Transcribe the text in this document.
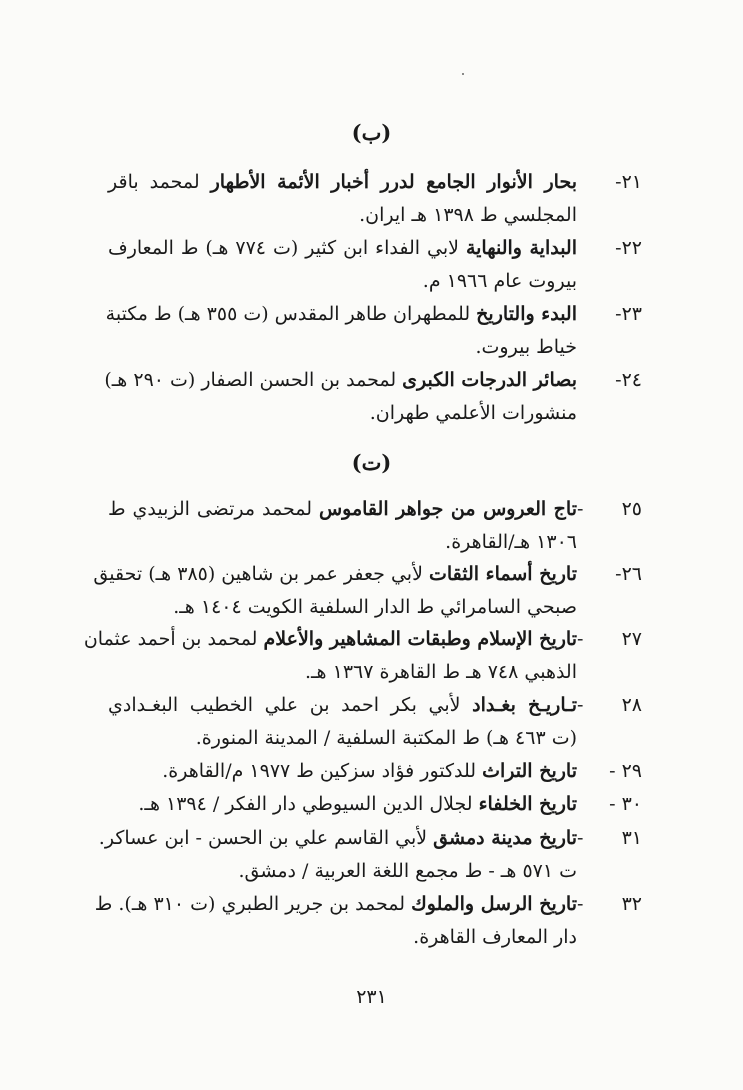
(ب)
٢١-بحار الأنوار الجامع لدرر أخبار الأئمة الأطهار لمحمد باقر
المجلسي ط ١٣٩٨ هـ ايران.
٢٢-البداية والنهاية لابي الفداء ابن كثير (ت ٧٧٤ هـ) ط المعارف
بيروت عام ١٩٦٦ م.
٢٣-البدء والتاريخ للمطهران طاهر المقدس (ت ٣٥٥ هـ) ط مكتبة
خياط بيروت.
٢٤-بصائر الدرجات الكبرى لمحمد بن الحسن الصفار (ت ٢٩٠ هـ)
منشورات الأعلمي طهران.
(ت)
٢٥ -تاج العروس من جواهر القاموس لمحمد مرتضى الزبيدي ط
١٣٠٦ هـ/القاهرة.
٢٦-تاريخ أسماء الثقات لأبي جعفر عمر بن شاهين (٣٨٥ هـ) تحقيق
صبحي السامرائي ط الدار السلفية الكويت ١٤٠٤ هـ.
٢٧ -تاريخ الإسلام وطبقات المشاهير والأعلام لمحمد بن أحمد عثمان
الذهبي ٧٤٨ هـ ط القاهرة ١٣٦٧ هـ.
٢٨ -تـاريـخ بغـداد لأبي بكر احمد بن علي الخطيب البغـدادي
(ت ٤٦٣ هـ) ط المكتبة السلفية / المدينة المنورة.
٢٩ -تاريخ التراث للدكتور فؤاد سزكين ط ١٩٧٧ م/القاهرة.
٣٠ -تاريخ الخلفاء لجلال الدين السيوطي دار الفكر / ١٣٩٤ هـ.
٣١ -تاريخ مدينة دمشق لأبي القاسم علي بن الحسن - ابن عساكر.
ت ٥٧١ هـ - ط مجمع اللغة العربية / دمشق.
٣٢ -تاريخ الرسل والملوك لمحمد بن جرير الطبري (ت ٣١٠ هـ). ط
دار المعارف القاهرة.
٢٣١
